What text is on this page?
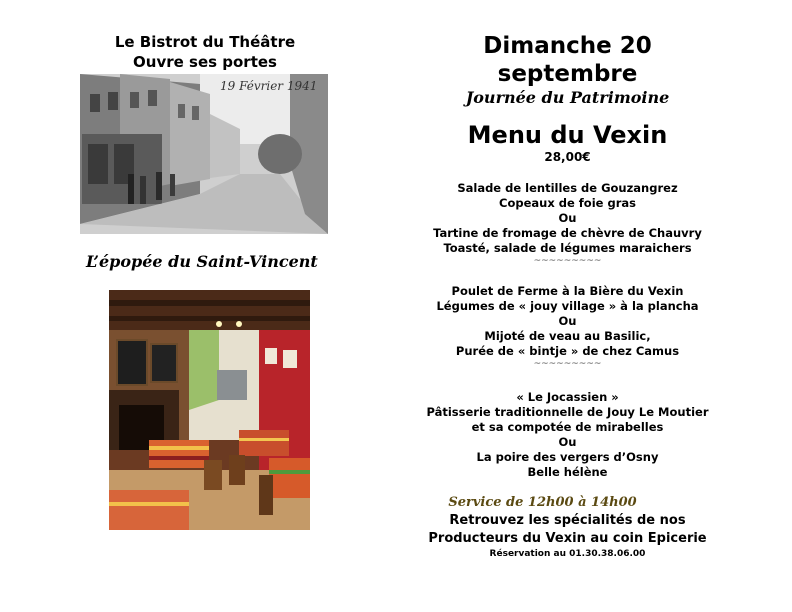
Le Bistrot du Théâtre
Ouvre ses portes
19 Février 1941
L’épopée du Saint-Vincent
Dimanche 20 septembre
Journée du Patrimoine
Menu du Vexin
28,00€
Salade de lentilles de Gouzangrez
Copeaux de foie gras
Ou
Tartine de fromage de chèvre de Chauvry
Toasté, salade de légumes maraichers
~~~~~~~~~
Poulet de Ferme à la Bière du Vexin
Légumes de « jouy village » à la plancha
Ou
Mijoté de veau au Basilic,
Purée de « bintje » de chez Camus
~~~~~~~~~
« Le Jocassien »
Pâtisserie traditionnelle de Jouy Le Moutier
et sa compotée de mirabelles
Ou
La poire des vergers d’Osny
Belle hélène
Service de 12h00 à 14h00
Retrouvez les spécialités de nos
Producteurs du Vexin au coin Epicerie
Réservation au 01.30.38.06.00
